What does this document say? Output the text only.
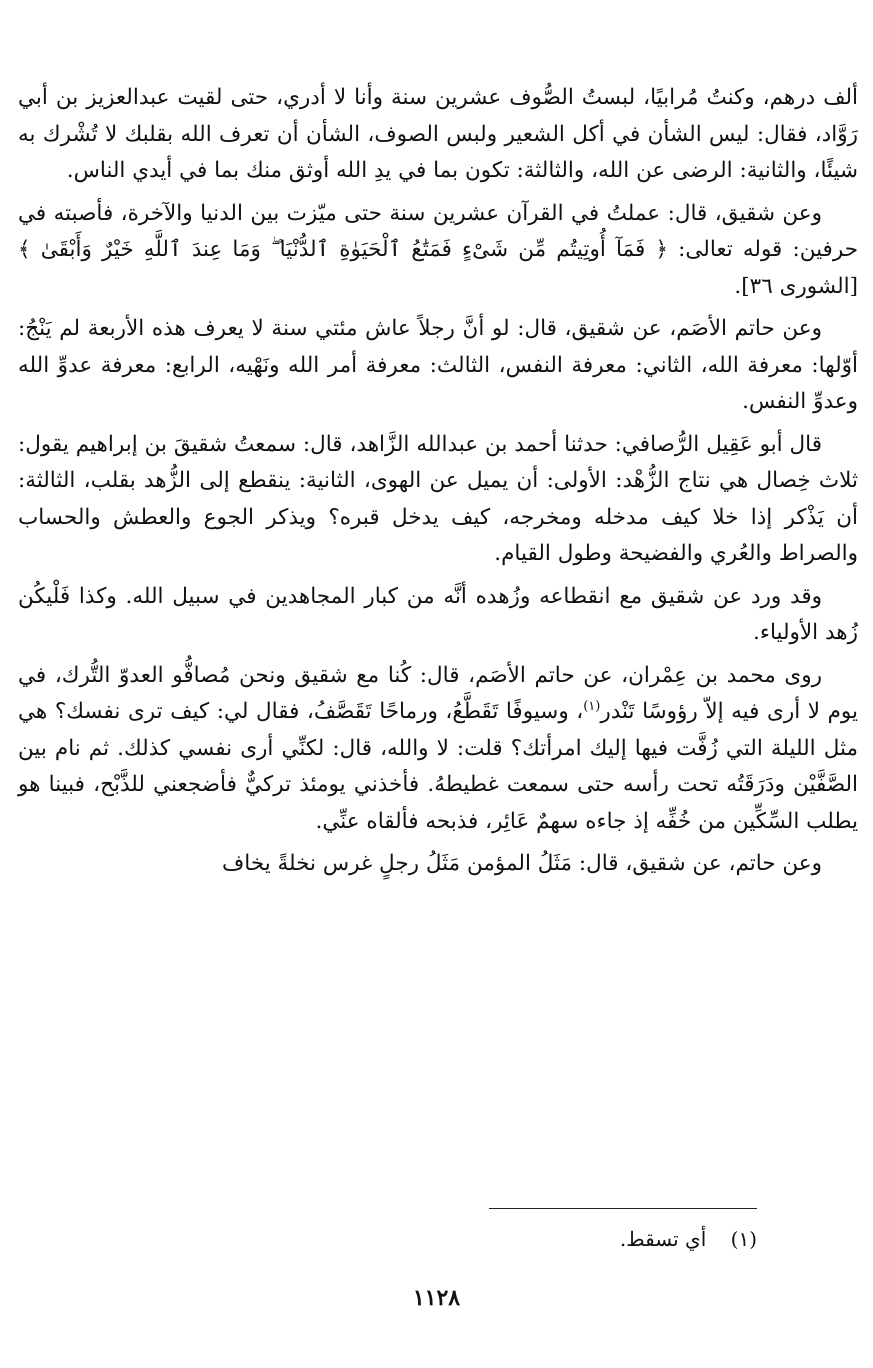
ألف درهم، وكنتُ مُرابيًا، لبستُ الصُّوف عشرين سنة وأنا لا أدري، حتى لقيت عبدالعزيز بن أبي رَوَّاد، فقال: ليس الشأن في أكل الشعير ولبس الصوف، الشأن أن تعرف الله بقلبك لا تُشْرك به شيئًا، والثانية: الرضى عن الله، والثالثة: تكون بما في يدِ الله أوثق منك بما في أيدي الناس.

وعن شقيق، قال: عملتُ في القرآن عشرين سنة حتى ميّزت بين الدنيا والآخرة، فأصبته في حرفين: قوله تعالى: ﴿ فَمَآ أُوتِيتُم مِّن شَىْءٍ فَمَتَٰعُ ٱلْحَيَوٰةِ ٱلدُّنْيَا ۖ وَمَا عِندَ ٱللَّهِ خَيْرٌ وَأَبْقَىٰ ﴾ [الشورى ٣٦].

وعن حاتم الأصَم، عن شقيق، قال: لو أنَّ رجلاً عاش مئتي سنة لا يعرف هذه الأربعة لم يَنْجُ: أوّلها: معرفة الله، الثاني: معرفة النفس، الثالث: معرفة أمر الله ونَهْيه، الرابع: معرفة عدوِّ الله وعدوِّ النفس.

قال أبو عَقِيل الرُّصافي: حدثنا أحمد بن عبدالله الزَّاهد، قال: سمعتُ شقيقَ بن إبراهيم يقول: ثلاث خِصال هي نتاج الزُّهْد: الأولى: أن يميل عن الهوى، الثانية: ينقطع إلى الزُّهد بقلب، الثالثة: أن يَذْكر إذا خلا كيف مدخله ومخرجه، كيف يدخل قبره؟ ويذكر الجوع والعطش والحساب والصراط والعُري والفضيحة وطول القيام.

وقد ورد عن شقيق مع انقطاعه وزُهده أنَّه من كبار المجاهدين في سبيل الله. وكذا فَلْيكُن زُهد الأولياء.

روى محمد بن عِمْران، عن حاتم الأصَم، قال: كُنا مع شقيق ونحن مُصافُّو العدوّ التُّرك، في يوم لا أرى فيه إلاّ رؤوسًا تَنْدر$^{(١)}$، وسيوفًا تَقَطَّعُ، ورماحًا تَقَصَّفُ، فقال لي: كيف ترى نفسك؟ هي مثل الليلة التي زُفَّت فيها إليك امرأتك؟ قلت: لا والله، قال: لكنِّي أرى نفسي كذلك. ثم نام بين الصَّفَّيْن ودَرَقَتُه تحت رأسه حتى سمعت غطيطهُ. فأخذني يومئذ تركيٌّ فأضجعني للذَّبْح، فبينا هو يطلب السِّكِّين من خُفِّه إذ جاءه سهمٌ عَائِر، فذبحه فألقاه عنِّي.

وعن حاتم، عن شقيق، قال: مَثَلُ المؤمن مَثَلُ رجلٍ غرس نخلةً يخاف

(١) أي تسقط.
١١٢٨
